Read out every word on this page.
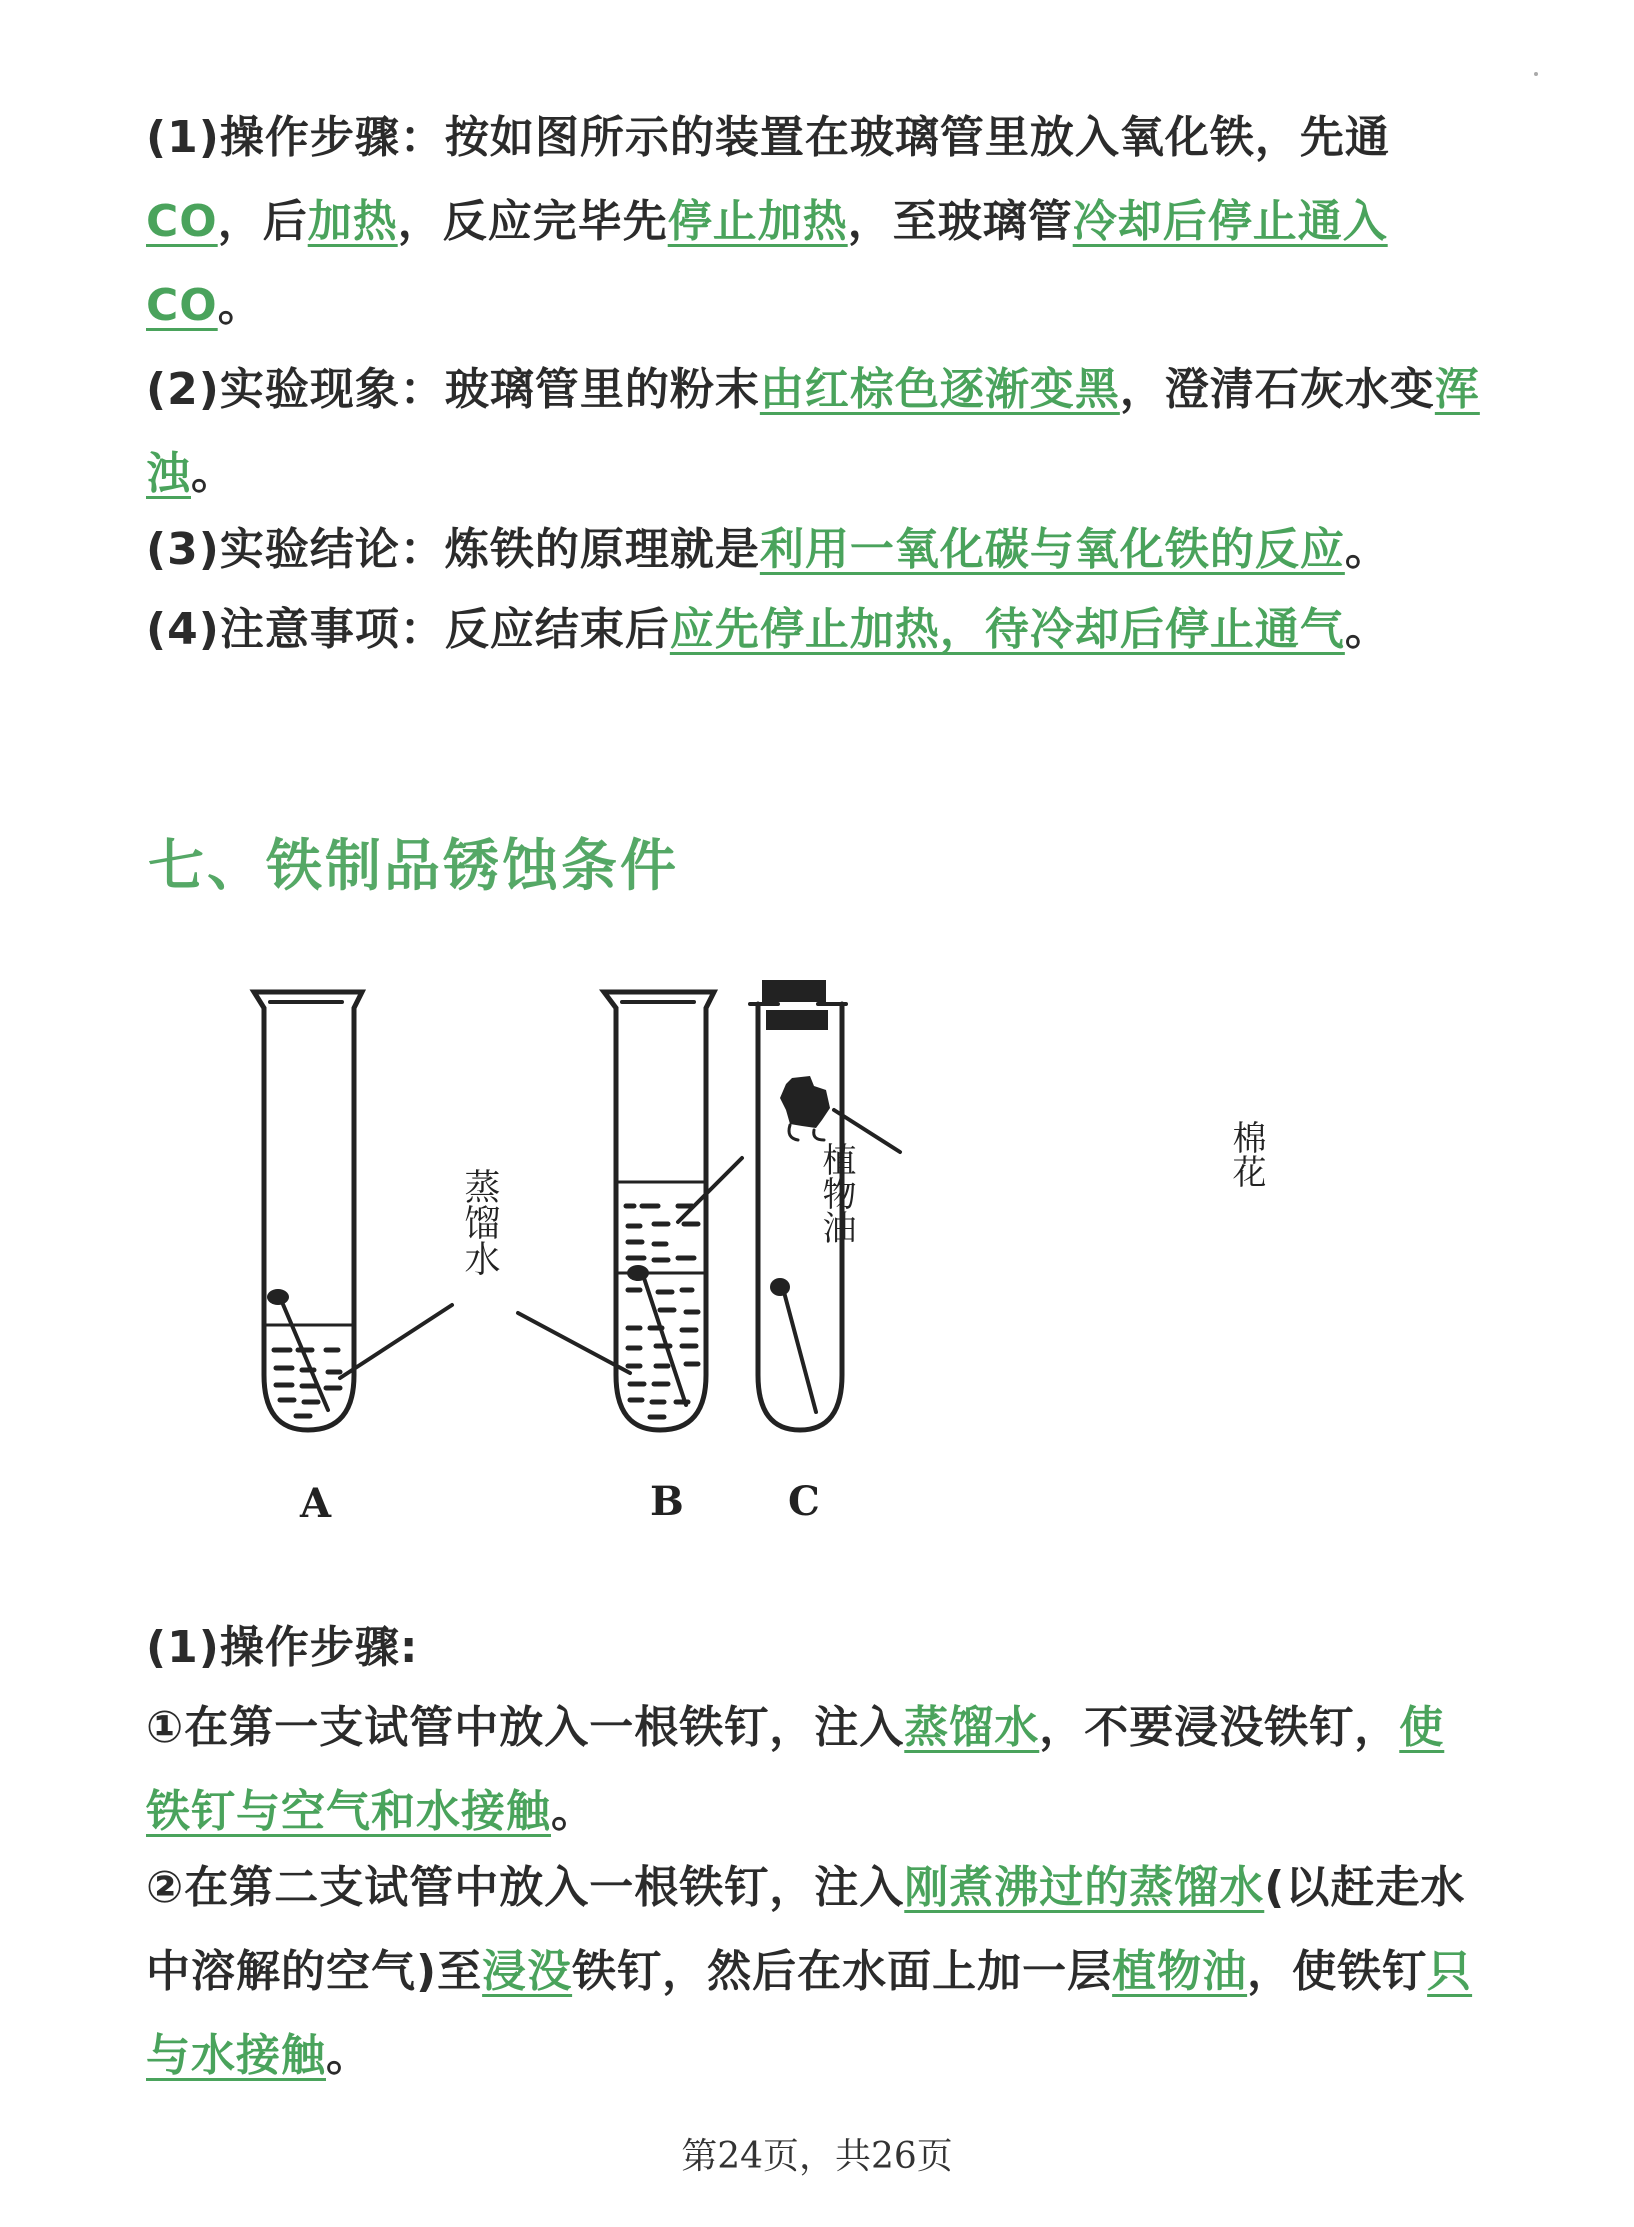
(1)操作步骤：按如图所示的装置在玻璃管里放入氧化铁，先通 CO，后加热，反应完毕先停止加热，至玻璃管冷却后停止通入 CO。
(2)实验现象：玻璃管里的粉末由红棕色逐渐变黑，澄清石灰水变浑浊。
(3)实验结论：炼铁的原理就是利用一氧化碳与氧化铁的反应。
(4)注意事项：反应结束后应先停止加热，待冷却后停止通气。
七、铁制品锈蚀条件
蒸馏水	植物油	棉花
A	B	C
(1)操作步骤:
①在第一支试管中放入一根铁钉，注入蒸馏水，不要浸没铁钉，使铁钉与空气和水接触。
②在第二支试管中放入一根铁钉，注入刚煮沸过的蒸馏水(以赶走水中溶解的空气)至浸没铁钉，然后在水面上加一层植物油，使铁钉只与水接触。
第24页，共26页
